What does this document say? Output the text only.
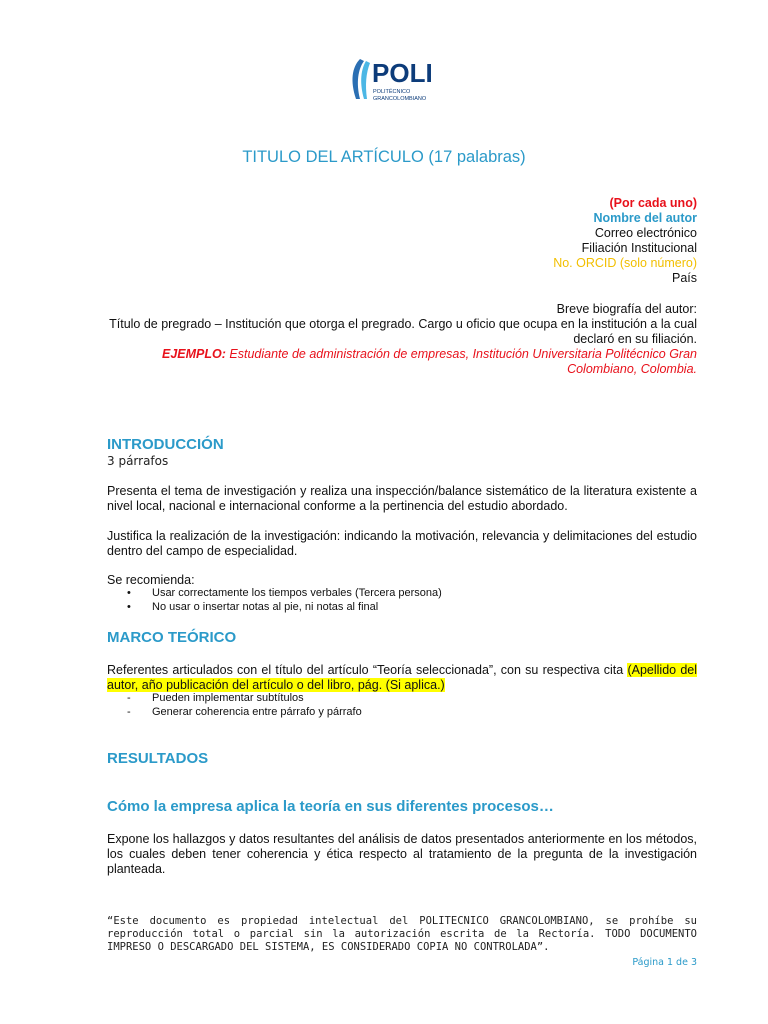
POLI
POLITÉCNICO
GRANCOLOMBIANO
TITULO DEL ARTÍCULO (17 palabras)
(Por cada uno)
Nombre del autor
Correo electrónico
Filiación Institucional
No. ORCID (solo número)
País
Breve biografía del autor:
Título de pregrado – Institución que otorga el pregrado. Cargo u oficio que ocupa en la institución a la cual declaró en su filiación.
EJEMPLO: Estudiante de administración de empresas, Institución Universitaria Politécnico Gran Colombiano, Colombia.
INTRODUCCIÓN
3 párrafos
Presenta el tema de investigación y realiza una inspección/balance sistemático de la literatura existente a nivel local, nacional e internacional conforme a la pertinencia del estudio abordado.
Justifica la realización de la investigación: indicando la motivación, relevancia y delimitaciones del estudio dentro del campo de especialidad.
Se recomienda:
• Usar correctamente los tiempos verbales (Tercera persona)
• No usar o insertar notas al pie, ni notas al final
MARCO TEÓRICO
Referentes articulados con el título del artículo “Teoría seleccionada”, con su respectiva cita (Apellido del autor, año publicación del artículo o del libro, pág. (Si aplica.)
- Pueden implementar subtítulos
- Generar coherencia entre párrafo y párrafo
RESULTADOS
Cómo la empresa aplica la teoría en sus diferentes procesos…
Expone los hallazgos y datos resultantes del análisis de datos presentados anteriormente en los métodos, los cuales deben tener coherencia y ética respecto al tratamiento de la pregunta de la investigación planteada.
“Este documento es propiedad intelectual del POLITECNICO GRANCOLOMBIANO, se prohíbe su reproducción total o parcial sin la autorización escrita de la Rectoría. TODO DOCUMENTO IMPRESO O DESCARGADO DEL SISTEMA, ES CONSIDERADO COPIA NO CONTROLADA”.
Página 1 de 3
